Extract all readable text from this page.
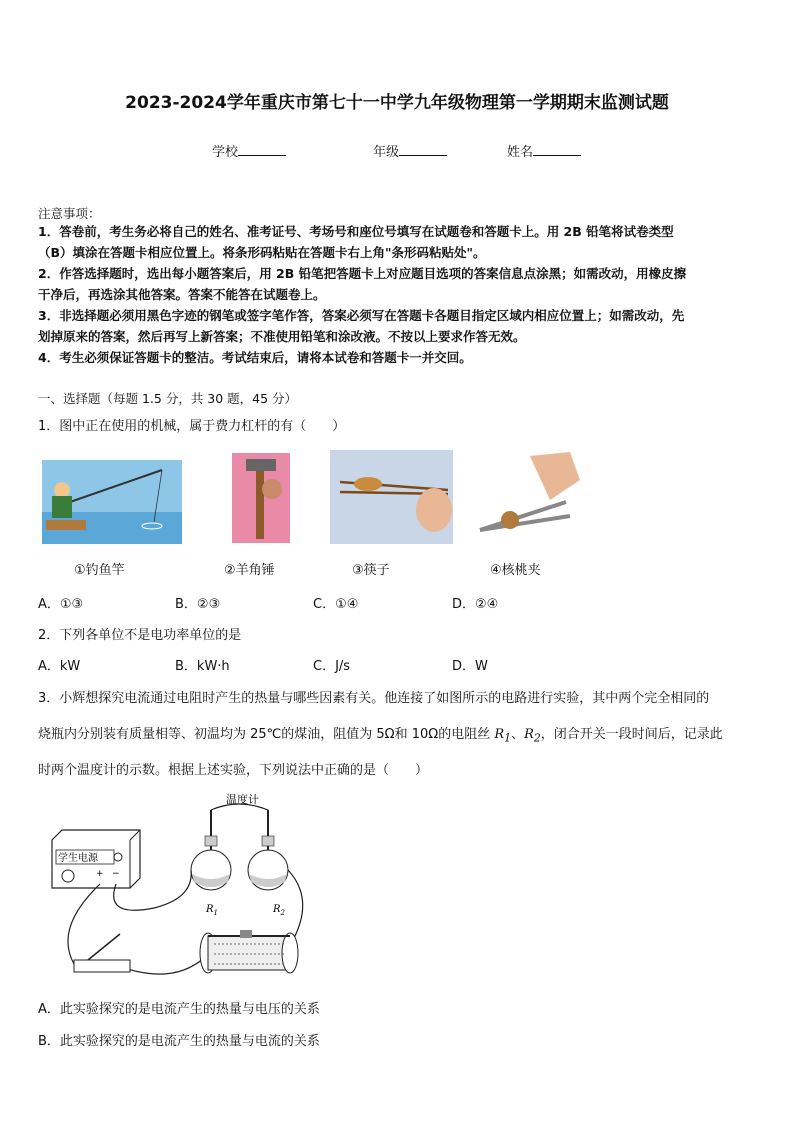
2023-2024学年重庆市第七十一中学九年级物理第一学期期末监测试题
学校	年级	姓名
注意事项：
1．答卷前，考生务必将自己的姓名、准考证号、考场号和座位号填写在试题卷和答题卡上。用 2B 铅笔将试卷类型
（B）填涂在答题卡相应位置上。将条形码粘贴在答题卡右上角"条形码粘贴处"。
2．作答选择题时，选出每小题答案后，用 2B 铅笔把答题卡上对应题目选项的答案信息点涂黑；如需改动，用橡皮擦
干净后，再选涂其他答案。答案不能答在试题卷上。
3．非选择题必须用黑色字迹的钢笔或签字笔作答，答案必须写在答题卡各题目指定区域内相应位置上；如需改动，先
划掉原来的答案，然后再写上新答案；不准使用铅笔和涂改液。不按以上要求作答无效。
4．考生必须保证答题卡的整洁。考试结束后，请将本试卷和答题卡一并交回。
一、选择题（每题 1.5 分，共 30 题，45 分）
1．图中正在使用的机械，属于费力杠杆的有（　　）
①钓鱼竿	②羊角锤	③筷子	④核桃夹
A．①③	B．②③	C．①④	D．②④
2．下列各单位不是电功率单位的是
A．kW	B．kW·h	C．J/s	D．W
3．小辉想探究电流通过电阻时产生的热量与哪些因素有关。他连接了如图所示的电路进行实验，其中两个完全相同的
烧瓶内分别装有质量相等、初温均为 25℃的煤油，阻值为 5Ω和 10Ω的电阻丝 $R_1$、$R_2$，闭合开关一段时间后，记录此
时两个温度计的示数。根据上述实验，下列说法中正确的是（　　）
温度计
学生电源
+ −
$R_1$	$R_2$
A．此实验探究的是电流产生的热量与电压的关系
B．此实验探究的是电流产生的热量与电流的关系
